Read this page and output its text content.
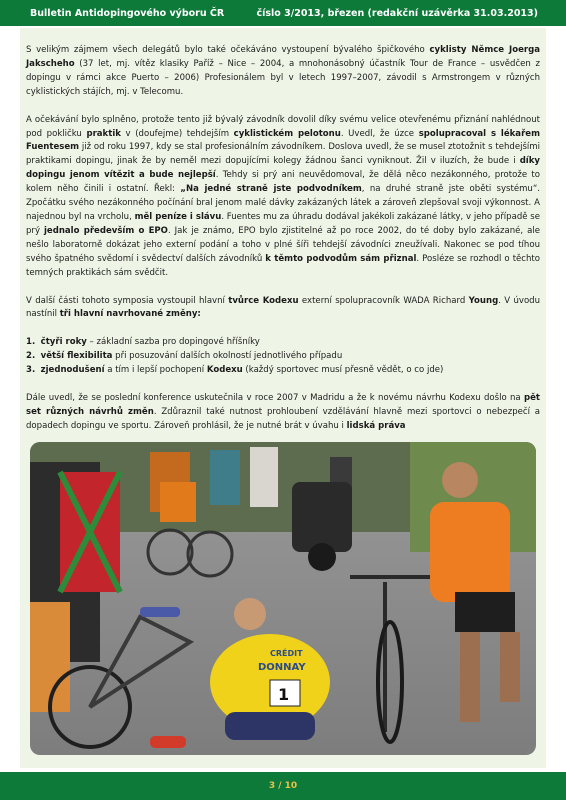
Bulletin Antidopingového výboru ČR	číslo 3/2013, březen (redakční uzávěrka 31.03.2013)

S velikým zájmem všech delegátů bylo také očekáváno vystoupení bývalého špičkového cyklisty Němce Joerga Jakscheho (37 let, mj. vítěz klasiky Paříž – Nice – 2004, a mnohonásobný účastník Tour de France – usvědčen z dopingu v rámci akce Puerto – 2006) Profesionálem byl v letech 1997–2007, závodil s Armstrongem v různých cyklistických stájích, mj. v Telecomu.

A očekávání bylo splněno, protože tento již bývalý závodník dovolil díky svému velice otevřenému přiznání nahlédnout pod pokličku praktik v (doufejme) tehdejším cyklistickém pelotonu. Uvedl, že úzce spolupracoval s lékařem Fuentesem již od roku 1997, kdy se stal profesionálním závodníkem. Doslova uvedl, že se musel ztotožnit s tehdejšími praktikami dopingu, jinak že by neměl mezi dopujícími kolegy žádnou šanci vyniknout. Žil v iluzích, že bude i díky dopingu jenom vítězit a bude nejlepší. Tehdy si prý ani neuvědomoval, že dělá něco nezákonného, protože to kolem něho činili i ostatní. Řekl: „Na jedné straně jste podvodníkem, na druhé straně jste oběti systému“. Zpočátku svého nezákonného počínání bral jenom malé dávky zakázaných látek a zároveň zlepšoval svoji výkonnost. A najednou byl na vrcholu, měl peníze i slávu. Fuentes mu za úhradu dodával jakékoli zakázané látky, v jeho případě se prý jednalo především o EPO. Jak je známo, EPO bylo zjistitelné až po roce 2002, do té doby bylo zakázané, ale nešlo laboratorně dokázat jeho externí podání a toho v plné šíři tehdejší závodníci zneužívali. Nakonec se pod tíhou svého špatného svědomí i svědectví dalších závodníků k těmto podvodům sám přiznal. Posléze se rozhodl o těchto temných praktikách sám svědčit.

V další části tohoto symposia vystoupil hlavní tvůrce Kodexu externí spolupracovník WADA Richard Young. V úvodu nastínil tři hlavní navrhované změny:

1. čtyři roky – základní sazba pro dopingové hříšníky
2. větší flexibilita při posuzování dalších okolností jednotlivého případu
3. zjednodušení a tím i lepší pochopení Kodexu (každý sportovec musí přesně vědět, o co jde)

Dále uvedl, že se poslední konference uskutečnila v roce 2007 v Madridu a že k novému návrhu Kodexu došlo na pět set různých návrhů změn. Zdůraznil také nutnost prohloubení vzdělávání hlavně mezi sportovci o nebezpečí a dopadech dopingu ve sportu. Zároveň prohlásil, že je nutné brát v úvahu i lidská práva

DONNAY
CRÉDIT
1
3 / 10
